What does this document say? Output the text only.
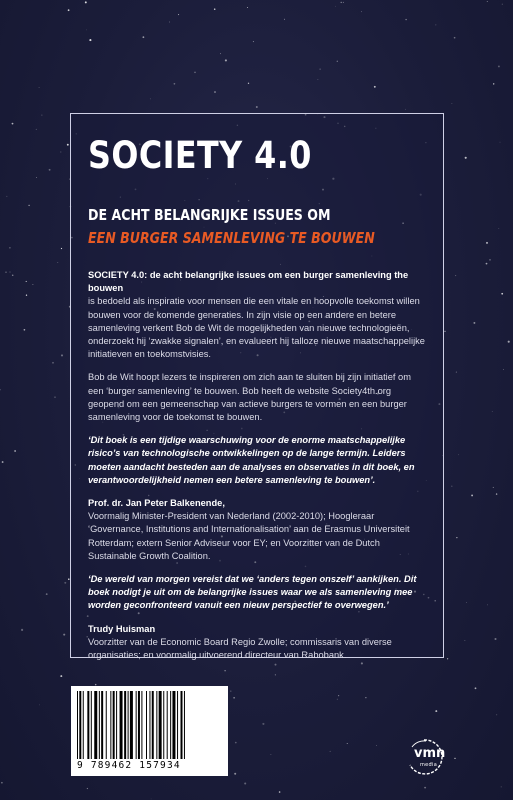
SOCIETY 4.0
DE ACHT BELANGRIJKE ISSUES OM
EEN BURGER SAMENLEVING TE BOUWEN

SOCIETY 4.0: de acht belangrijke issues om een burger samenleving the bouwen
is bedoeld als inspiratie voor mensen die een vitale en hoopvolle toekomst willen bouwen voor de komende generaties. In zijn visie op een andere en betere samenleving verkent Bob de Wit de mogelijkheden van nieuwe technologieën, onderzoekt hij ‘zwakke signalen’, en evalueert hij talloze nieuwe maatschappelijke initiatieven en toekomstvisies.

Bob de Wit hoopt lezers te inspireren om zich aan te sluiten bij zijn initiatief om een ‘burger samenleving’ te bouwen. Bob heeft de website Society4th.org geopend om een gemeenschap van actieve burgers te vormen en een burger samenleving voor de toekomst te bouwen.

‘Dit boek is een tijdige waarschuwing voor de enorme maatschappelijke risico’s van technologische ontwikkelingen op de lange termijn. Leiders moeten aandacht besteden aan de analyses en observaties in dit boek, en verantwoordelijkheid nemen een betere samenleving te bouwen’.

Prof. dr. Jan Peter Balkenende,
Voormalig Minister-President van Nederland (2002-2010); Hoogleraar ‘Governance, Institutions and Internationalisation’ aan de Erasmus Universiteit Rotterdam; extern Senior Adviseur voor EY; en Voorzitter van de Dutch Sustainable Growth Coalition.

‘De wereld van morgen vereist dat we ‘anders tegen onszelf’ aankijken. Dit boek nodigt je uit om de belangrijke issues waar we als samenleving mee worden geconfronteerd vanuit een nieuw perspectief te overwegen.’

Trudy Huisman
Voorzitter van de Economic Board Regio Zwolle; commissaris van diverse organisaties; en voormalig uitvoerend directeur van Rabobank.

9 789462 157934
vmn
media
